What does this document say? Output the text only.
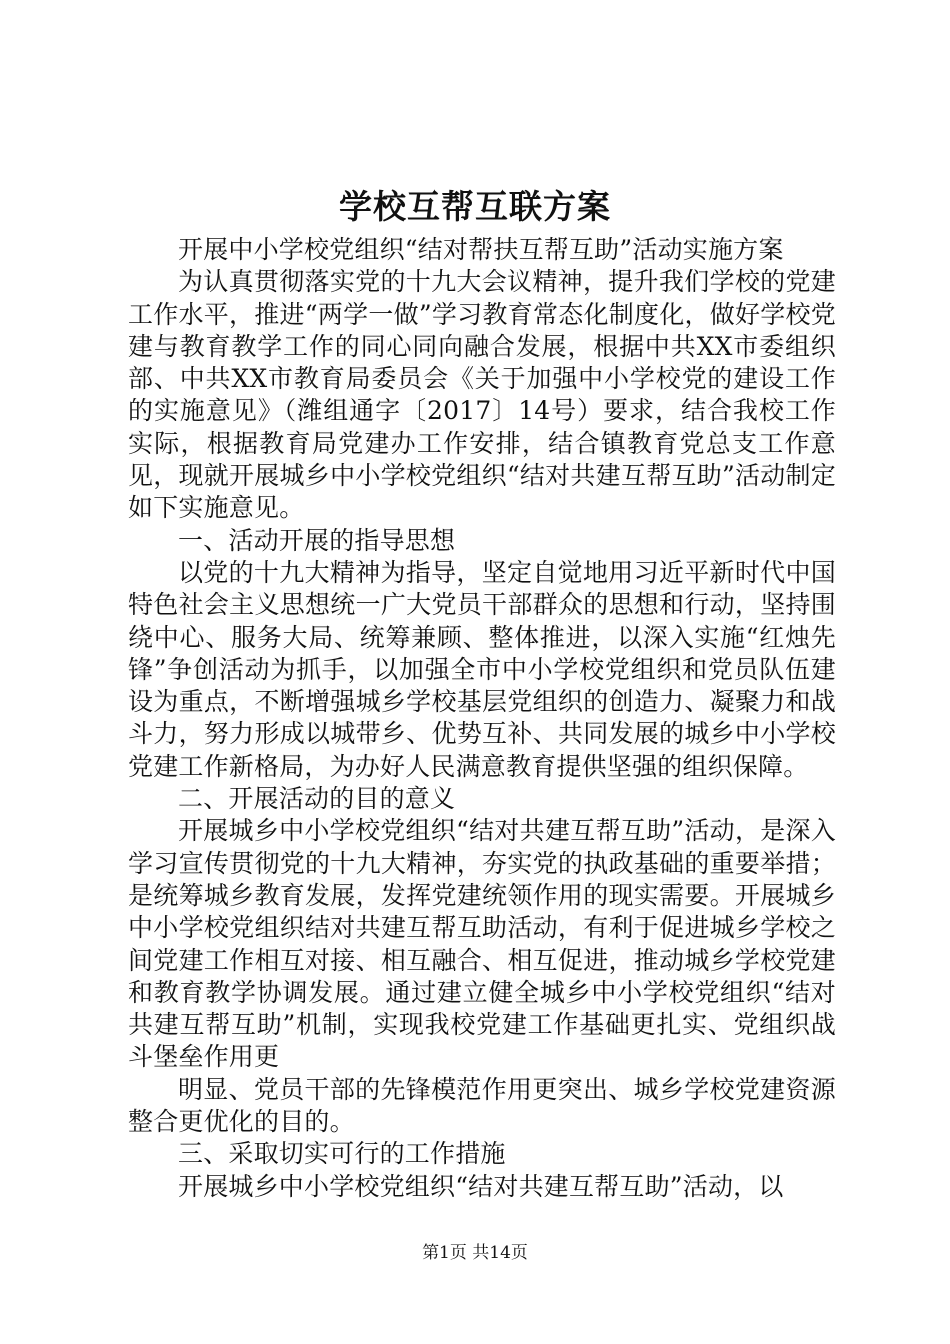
学校互帮互联方案

开展中小学校党组织“结对帮扶互帮互助”活动实施方案

为认真贯彻落实党的十九大会议精神，提升我们学校的党建工作水平，推进“两学一做”学习教育常态化制度化，做好学校党建与教育教学工作的同心同向融合发展，根据中共XX市委组织部、中共XX市教育局委员会《关于加强中小学校党的建设工作的实施意见》（潍组通字〔2017〕14号）要求，结合我校工作实际，根据教育局党建办工作安排，结合镇教育党总支工作意见，现就开展城乡中小学校党组织“结对共建互帮互助”活动制定如下实施意见。

一、活动开展的指导思想

以党的十九大精神为指导，坚定自觉地用习近平新时代中国特色社会主义思想统一广大党员干部群众的思想和行动，坚持围绕中心、服务大局、统筹兼顾、整体推进，以深入实施“红烛先锋”争创活动为抓手，以加强全市中小学校党组织和党员队伍建设为重点，不断增强城乡学校基层党组织的创造力、凝聚力和战斗力，努力形成以城带乡、优势互补、共同发展的城乡中小学校党建工作新格局，为办好人民满意教育提供坚强的组织保障。

二、开展活动的目的意义

开展城乡中小学校党组织“结对共建互帮互助”活动，是深入学习宣传贯彻党的十九大精神，夯实党的执政基础的重要举措；是统筹城乡教育发展，发挥党建统领作用的现实需要。开展城乡中小学校党组织结对共建互帮互助活动，有利于促进城乡学校之间党建工作相互对接、相互融合、相互促进，推动城乡学校党建和教育教学协调发展。通过建立健全城乡中小学校党组织“结对共建互帮互助”机制，实现我校党建工作基础更扎实、党组织战斗堡垒作用更

明显、党员干部的先锋模范作用更突出、城乡学校党建资源整合更优化的目的。

三、采取切实可行的工作措施

开展城乡中小学校党组织“结对共建互帮互助”活动，以

第1页 共14页
